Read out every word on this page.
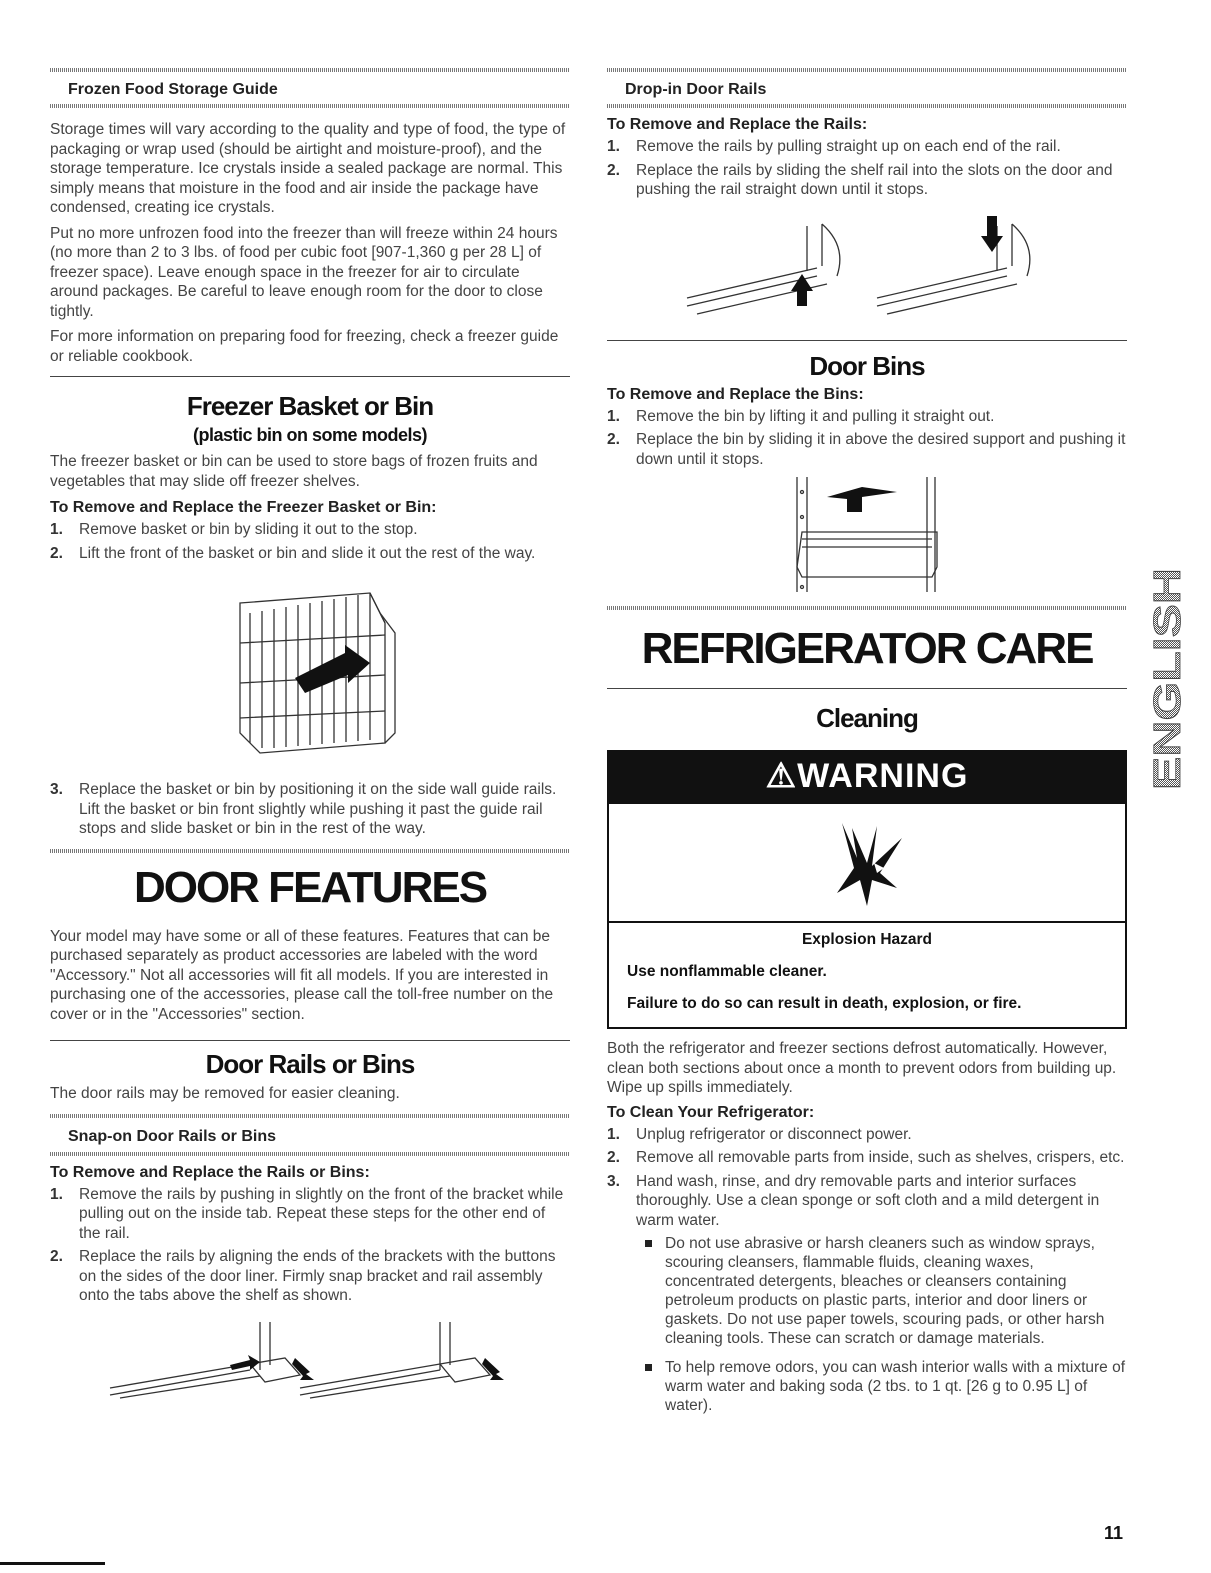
Frozen Food Storage Guide

Storage times will vary according to the quality and type of food, the type of packaging or wrap used (should be airtight and moisture-proof), and the storage temperature. Ice crystals inside a sealed package are normal. This simply means that moisture in the food and air inside the package have condensed, creating ice crystals.

Put no more unfrozen food into the freezer than will freeze within 24 hours (no more than 2 to 3 lbs. of food per cubic foot [907-1,360 g per 28 L] of freezer space). Leave enough space in the freezer for air to circulate around packages. Be careful to leave enough room for the door to close tightly.

For more information on preparing food for freezing, check a freezer guide or reliable cookbook.

Freezer Basket or Bin
(plastic bin on some models)

The freezer basket or bin can be used to store bags of frozen fruits and vegetables that may slide off freezer shelves.

To Remove and Replace the Freezer Basket or Bin:
1. Remove basket or bin by sliding it out to the stop.
2. Lift the front of the basket or bin and slide it out the rest of the way.
3. Replace the basket or bin by positioning it on the side wall guide rails. Lift the basket or bin front slightly while pushing it past the guide rail stops and slide basket or bin in the rest of the way.
DOOR FEATURES

Your model may have some or all of these features. Features that can be purchased separately as product accessories are labeled with the word "Accessory." Not all accessories will fit all models. If you are interested in purchasing one of the accessories, please call the toll-free number on the cover or in the "Accessories" section.

Door Rails or Bins

The door rails may be removed for easier cleaning.

Snap-on Door Rails or Bins
To Remove and Replace the Rails or Bins:
1. Remove the rails by pushing in slightly on the front of the bracket while pulling out on the inside tab. Repeat these steps for the other end of the rail.
2. Replace the rails by aligning the ends of the brackets with the buttons on the sides of the door liner. Firmly snap bracket and rail assembly onto the tabs above the shelf as shown.
Drop-in Door Rails
To Remove and Replace the Rails:
1. Remove the rails by pulling straight up on each end of the rail.
2. Replace the rails by sliding the shelf rail into the slots on the door and pushing the rail straight down until it stops.
Door Bins
To Remove and Replace the Bins:
1. Remove the bin by lifting it and pulling it straight out.
2. Replace the bin by sliding it in above the desired support and pushing it down until it stops.
REFRIGERATOR CARE
Cleaning
⚠WARNING
Explosion Hazard
Use nonflammable cleaner.
Failure to do so can result in death, explosion, or fire.

Both the refrigerator and freezer sections defrost automatically. However, clean both sections about once a month to prevent odors from building up. Wipe up spills immediately.

To Clean Your Refrigerator:
1. Unplug refrigerator or disconnect power.
2. Remove all removable parts from inside, such as shelves, crispers, etc.
3. Hand wash, rinse, and dry removable parts and interior surfaces thoroughly. Use a clean sponge or soft cloth and a mild detergent in warm water.
Do not use abrasive or harsh cleaners such as window sprays, scouring cleansers, flammable fluids, cleaning waxes, concentrated detergents, bleaches or cleansers containing petroleum products on plastic parts, interior and door liners or gaskets. Do not use paper towels, scouring pads, or other harsh cleaning tools. These can scratch or damage materials.
To help remove odors, you can wash interior walls with a mixture of warm water and baking soda (2 tbs. to 1 qt. [26 g to 0.95 L] of water).
ENGLISH
11
